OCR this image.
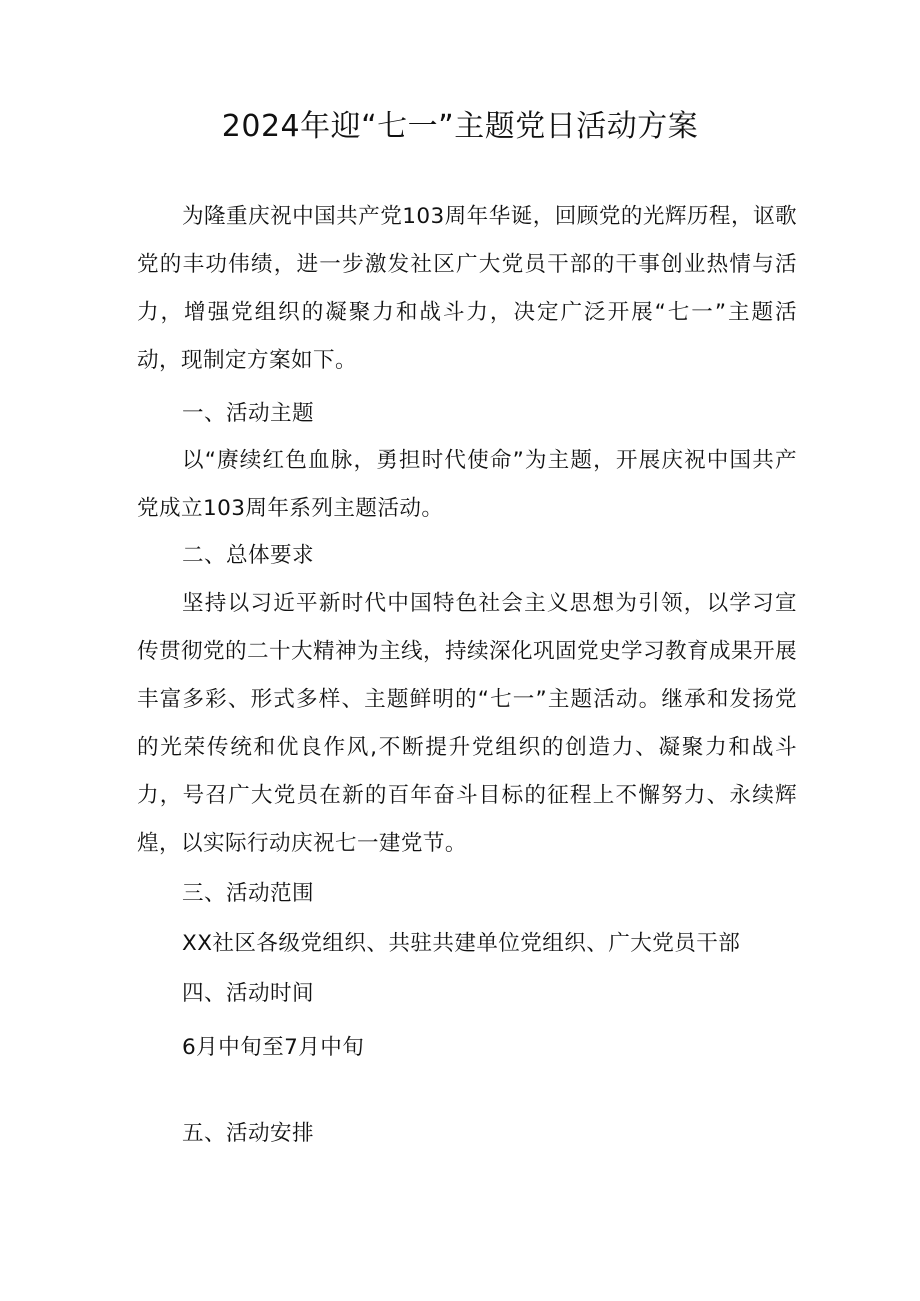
2024年迎“七一”主题党日活动方案

为隆重庆祝中国共产党103周年华诞，回顾党的光辉历程，讴歌党的丰功伟绩，进一步激发社区广大党员干部的干事创业热情与活力，增强党组织的凝聚力和战斗力，决定广泛开展“七一”主题活动，现制定方案如下。

一、活动主题

以“赓续红色血脉，勇担时代使命”为主题，开展庆祝中国共产党成立103周年系列主题活动。

二、总体要求

坚持以习近平新时代中国特色社会主义思想为引领，以学习宣传贯彻党的二十大精神为主线，持续深化巩固党史学习教育成果开展丰富多彩、形式多样、主题鲜明的“七一”主题活动。继承和发扬党的光荣传统和优良作风,不断提升党组织的创造力、凝聚力和战斗力，号召广大党员在新的百年奋斗目标的征程上不懈努力、永续辉煌，以实际行动庆祝七一建党节。

三、活动范围
XX社区各级党组织、共驻共建单位党组织、广大党员干部
四、活动时间
6月中旬至7月中旬
五、活动安排
